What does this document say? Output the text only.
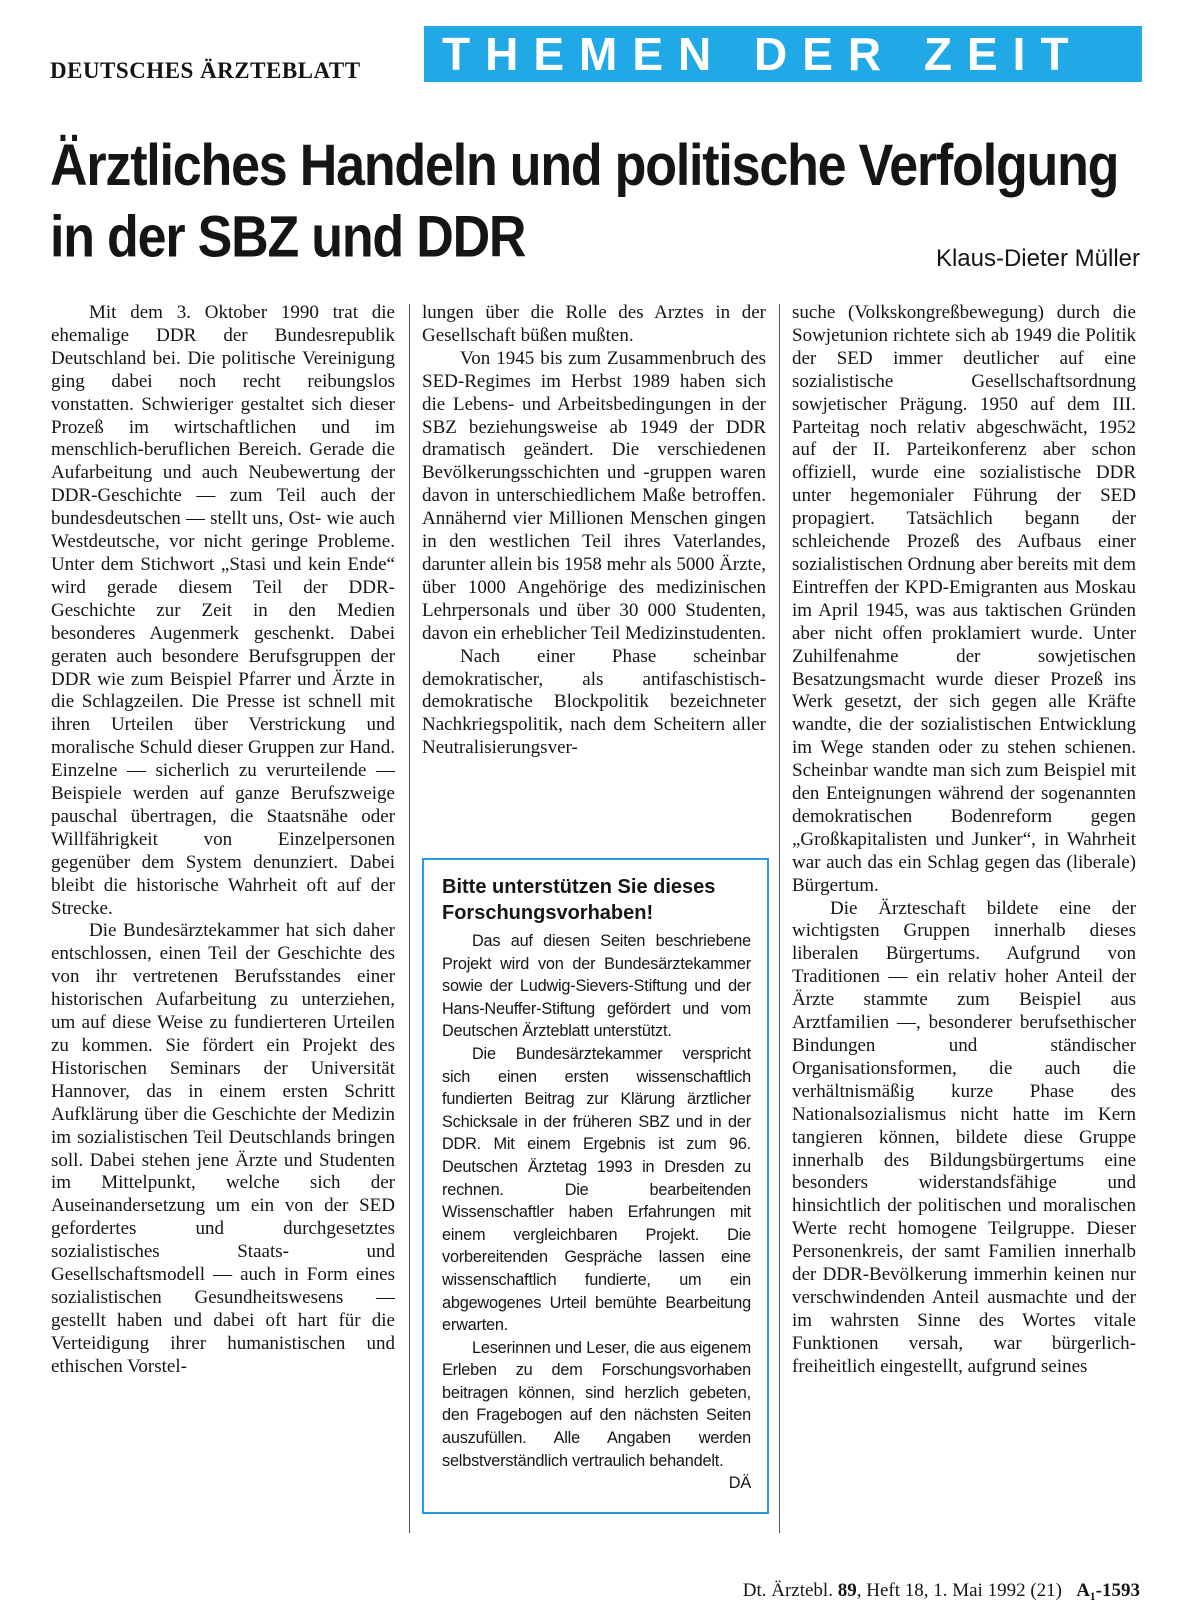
DEUTSCHES ÄRZTEBLATT	THEMEN DER ZEIT
Ärztliches Handeln und politische Verfolgung in der SBZ und DDR	Klaus-Dieter Müller

Mit dem 3. Oktober 1990 trat die ehemalige DDR der Bundesrepublik Deutschland bei. Die politische Vereinigung ging dabei noch recht reibungslos vonstatten. Schwieriger gestaltet sich dieser Prozeß im wirtschaftlichen und im menschlich-beruflichen Bereich. Gerade die Aufarbeitung und auch Neubewertung der DDR-Geschichte — zum Teil auch der bundesdeutschen — stellt uns, Ost- wie auch Westdeutsche, vor nicht geringe Probleme. Unter dem Stichwort „Stasi und kein Ende“ wird gerade diesem Teil der DDR-Geschichte zur Zeit in den Medien besonderes Augenmerk geschenkt. Dabei geraten auch besondere Berufsgruppen der DDR wie zum Beispiel Pfarrer und Ärzte in die Schlagzeilen. Die Presse ist schnell mit ihren Urteilen über Verstrickung und moralische Schuld dieser Gruppen zur Hand. Einzelne — sicherlich zu verurteilende — Beispiele werden auf ganze Berufszweige pauschal übertragen, die Staatsnähe oder Willfährigkeit von Einzelpersonen gegenüber dem System denunziert. Dabei bleibt die historische Wahrheit oft auf der Strecke.

Die Bundesärztekammer hat sich daher entschlossen, einen Teil der Geschichte des von ihr vertretenen Berufsstandes einer historischen Aufarbeitung zu unterziehen, um auf diese Weise zu fundierteren Urteilen zu kommen. Sie fördert ein Projekt des Historischen Seminars der Universität Hannover, das in einem ersten Schritt Aufklärung über die Geschichte der Medizin im sozialistischen Teil Deutschlands bringen soll. Dabei stehen jene Ärzte und Studenten im Mittelpunkt, welche sich der Auseinandersetzung um ein von der SED gefordertes und durchgesetztes sozialistisches Staats- und Gesellschaftsmodell — auch in Form eines sozialistischen Gesundheitswesens — gestellt haben und dabei oft hart für die Verteidigung ihrer humanistischen und ethischen Vorstel-

lungen über die Rolle des Arztes in der Gesellschaft büßen mußten.

Von 1945 bis zum Zusammenbruch des SED-Regimes im Herbst 1989 haben sich die Lebens- und Arbeitsbedingungen in der SBZ beziehungsweise ab 1949 der DDR dramatisch geändert. Die verschiedenen Bevölkerungsschichten und -gruppen waren davon in unterschiedlichem Maße betroffen. Annähernd vier Millionen Menschen gingen in den westlichen Teil ihres Vaterlandes, darunter allein bis 1958 mehr als 5000 Ärzte, über 1000 Angehörige des medizinischen Lehrpersonals und über 30 000 Studenten, davon ein erheblicher Teil Medizinstudenten.

Nach einer Phase scheinbar demokratischer, als antifaschistisch-demokratische Blockpolitik bezeichneter Nachkriegspolitik, nach dem Scheitern aller Neutralisierungsver-

Bitte unterstützen Sie dieses Forschungsvorhaben!

Das auf diesen Seiten beschriebene Projekt wird von der Bundesärztekammer sowie der Ludwig-Sievers-Stiftung und der Hans-Neuffer-Stiftung gefördert und vom Deutschen Ärzteblatt unterstützt.

Die Bundesärztekammer verspricht sich einen ersten wissenschaftlich fundierten Beitrag zur Klärung ärztlicher Schicksale in der früheren SBZ und in der DDR. Mit einem Ergebnis ist zum 96. Deutschen Ärztetag 1993 in Dresden zu rechnen. Die bearbeitenden Wissenschaftler haben Erfahrungen mit einem vergleichbaren Projekt. Die vorbereitenden Gespräche lassen eine wissenschaftlich fundierte, um ein abgewogenes Urteil bemühte Bearbeitung erwarten.

Leserinnen und Leser, die aus eigenem Erleben zu dem Forschungsvorhaben beitragen können, sind herzlich gebeten, den Fragebogen auf den nächsten Seiten auszufüllen. Alle Angaben werden selbstverständlich vertraulich behandelt.
DÄ

suche (Volkskongreßbewegung) durch die Sowjetunion richtete sich ab 1949 die Politik der SED immer deutlicher auf eine sozialistische Gesellschaftsordnung sowjetischer Prägung. 1950 auf dem III. Parteitag noch relativ abgeschwächt, 1952 auf der II. Parteikonferenz aber schon offiziell, wurde eine sozialistische DDR unter hegemonialer Führung der SED propagiert. Tatsächlich begann der schleichende Prozeß des Aufbaus einer sozialistischen Ordnung aber bereits mit dem Eintreffen der KPD-Emigranten aus Moskau im April 1945, was aus taktischen Gründen aber nicht offen proklamiert wurde. Unter Zuhilfenahme der sowjetischen Besatzungsmacht wurde dieser Prozeß ins Werk gesetzt, der sich gegen alle Kräfte wandte, die der sozialistischen Entwicklung im Wege standen oder zu stehen schienen. Scheinbar wandte man sich zum Beispiel mit den Enteignungen während der sogenannten demokratischen Bodenreform gegen „Großkapitalisten und Junker“, in Wahrheit war auch das ein Schlag gegen das (liberale) Bürgertum.

Die Ärzteschaft bildete eine der wichtigsten Gruppen innerhalb dieses liberalen Bürgertums. Aufgrund von Traditionen — ein relativ hoher Anteil der Ärzte stammte zum Beispiel aus Arztfamilien —, besonderer berufsethischer Bindungen und ständischer Organisationsformen, die auch die verhältnismäßig kurze Phase des Nationalsozialismus nicht hatte im Kern tangieren können, bildete diese Gruppe innerhalb des Bildungsbürgertums eine besonders widerstandsfähige und hinsichtlich der politischen und moralischen Werte recht homogene Teilgruppe. Dieser Personenkreis, der samt Familien innerhalb der DDR-Bevölkerung immerhin keinen nur verschwindenden Anteil ausmachte und der im wahrsten Sinne des Wortes vitale Funktionen versah, war bürgerlich-freiheitlich eingestellt, aufgrund seines

Dt. Ärztebl. 89, Heft 18, 1. Mai 1992 (21) A₁-1593
